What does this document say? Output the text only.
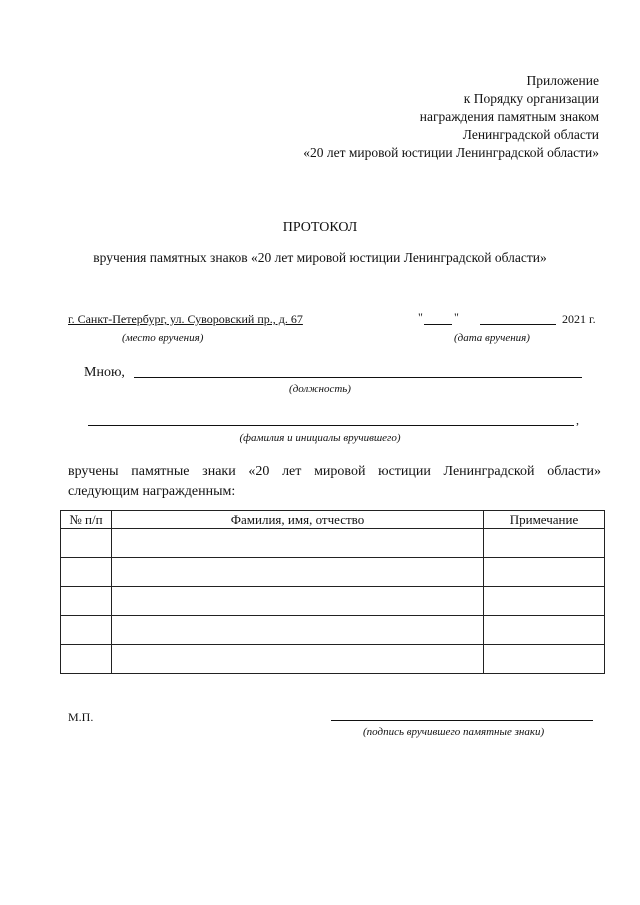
Приложение
к Порядку организации
награждения памятным знаком
Ленинградской области
«20 лет мировой юстиции Ленинградской области»
ПРОТОКОЛ
вручения памятных знаков «20 лет мировой юстиции Ленинградской области»
г. Санкт-Петербург, ул. Суворовский пр., д. 67
(место вручения)
"	"	2021 г.
(дата вручения)
Мною,
(должность)
,
(фамилия и инициалы вручившего)
вручены памятные знаки «20 лет мировой юстиции Ленинградской области» следующим награжденным:
№ п/п	Фамилия, имя, отчество	Примечание

М.П.
(подпись вручившего памятные знаки)
